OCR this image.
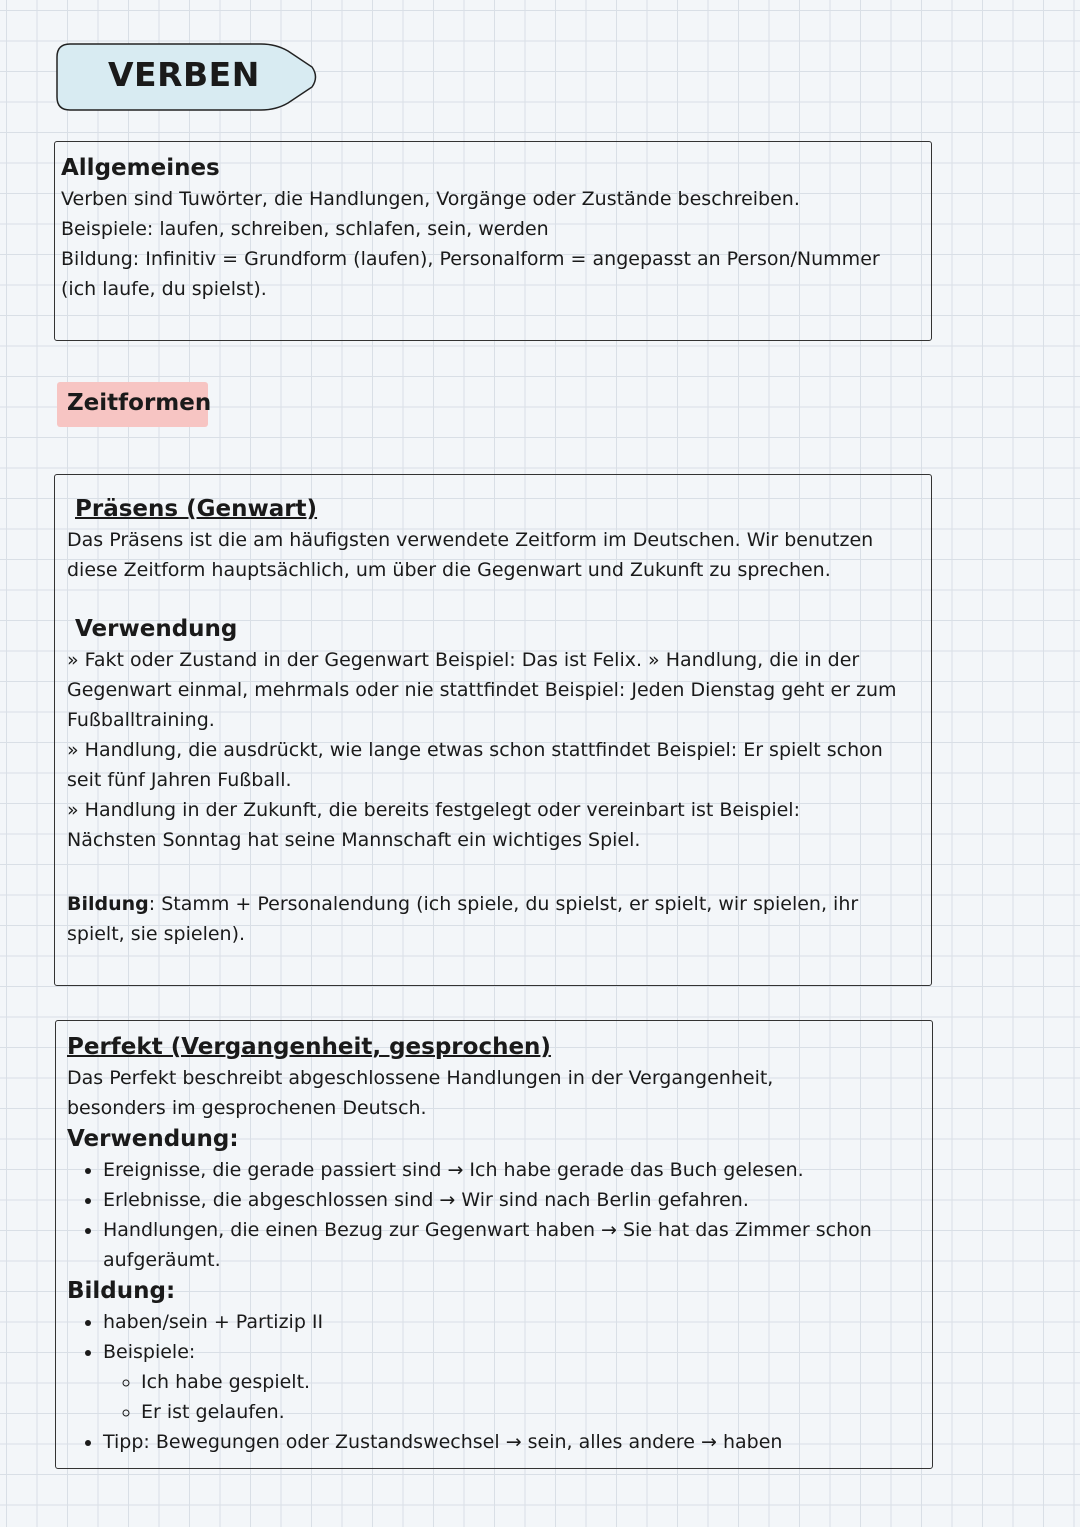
VERBEN
Allgemeines

Verben sind Tuwörter, die Handlungen, Vorgänge oder Zustände beschreiben.

Beispiele: laufen, schreiben, schlafen, sein, werden

Bildung: Infinitiv = Grundform (laufen), Personalform = angepasst an Person/Nummer (ich laufe, du spielst).

Zeitformen
Präsens (Genwart)

Das Präsens ist die am häufigsten verwendete Zeitform im Deutschen. Wir benutzen diese Zeitform hauptsächlich, um über die Gegenwart und Zukunft zu sprechen.

Verwendung

» Fakt oder Zustand in der Gegenwart Beispiel: Das ist Felix. » Handlung, die in der Gegenwart einmal, mehrmals oder nie stattfindet Beispiel: Jeden Dienstag geht er zum Fußballtraining.

» Handlung, die ausdrückt, wie lange etwas schon stattfindet Beispiel: Er spielt schon seit fünf Jahren Fußball.

» Handlung in der Zukunft, die bereits festgelegt oder vereinbart ist Beispiel: Nächsten Sonntag hat seine Mannschaft ein wichtiges Spiel.

Bildung: Stamm + Personalendung (ich spiele, du spielst, er spielt, wir spielen, ihr spielt, sie spielen).

Perfekt (Vergangenheit, gesprochen)

Das Perfekt beschreibt abgeschlossene Handlungen in der Vergangenheit, besonders im gesprochenen Deutsch.

Verwendung:
• Ereignisse, die gerade passiert sind → Ich habe gerade das Buch gelesen.
• Erlebnisse, die abgeschlossen sind → Wir sind nach Berlin gefahren.
• Handlungen, die einen Bezug zur Gegenwart haben → Sie hat das Zimmer schon aufgeräumt.
Bildung:
• haben/sein + Partizip II
• Beispiele:
◦ Ich habe gespielt.
◦ Er ist gelaufen.
• Tipp: Bewegungen oder Zustandswechsel → sein, alles andere → haben
